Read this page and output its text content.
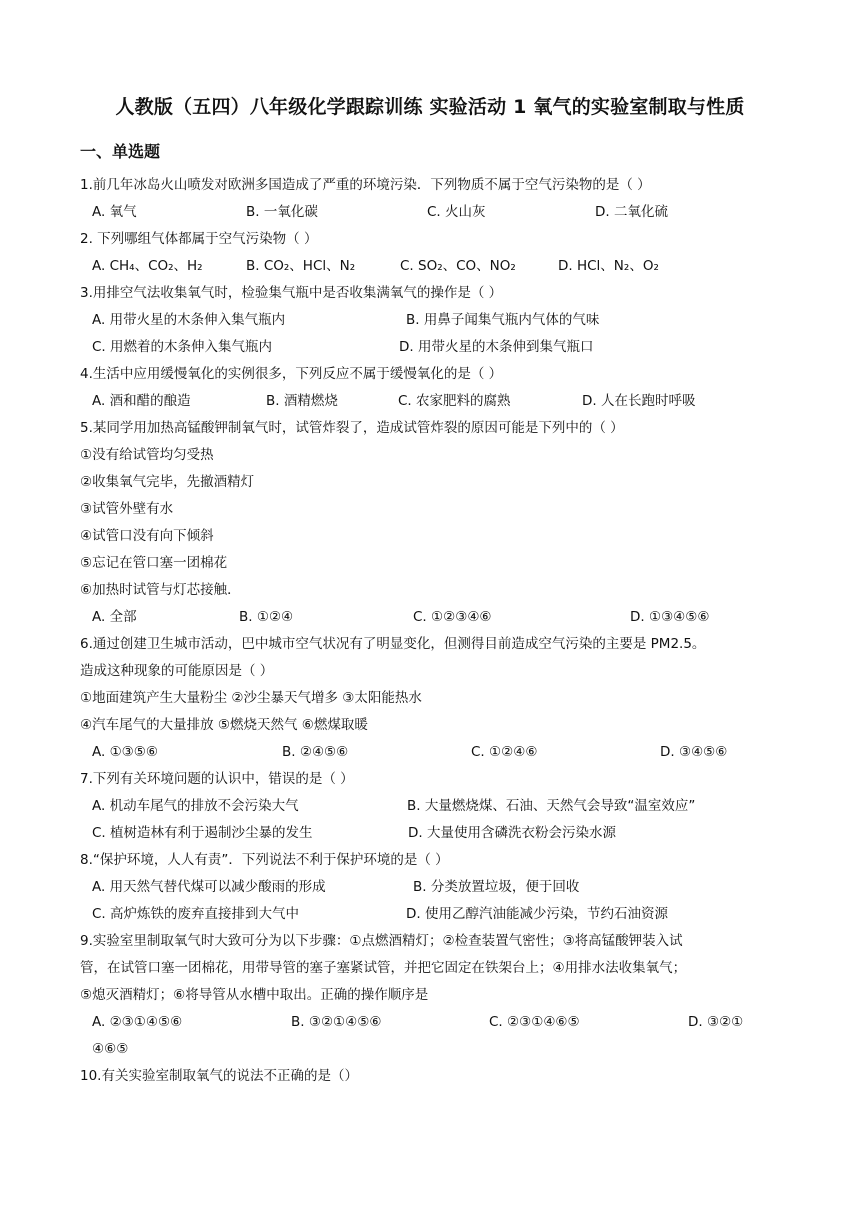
人教版（五四）八年级化学跟踪训练 实验活动 1 氧气的实验室制取与性质
一、单选题
1.前几年冰岛火山喷发对欧洲多国造成了严重的环境污染．下列物质不属于空气污染物的是（ ）
A. 氧气	B. 一氧化碳	C. 火山灰	D. 二氧化硫
2. 下列哪组气体都属于空气污染物（ ）
A. CH₄、CO₂、H₂	B. CO₂、HCl、N₂	C. SO₂、CO、NO₂	D. HCl、N₂、O₂
3.用排空气法收集氧气时，检验集气瓶中是否收集满氧气的操作是（ ）
A. 用带火星的木条伸入集气瓶内	B. 用鼻子闻集气瓶内气体的气味
C. 用燃着的木条伸入集气瓶内	D. 用带火星的木条伸到集气瓶口
4.生活中应用缓慢氧化的实例很多，下列反应不属于缓慢氧化的是（ ）
A. 酒和醋的酿造	B. 酒精燃烧	C. 农家肥料的腐熟	D. 人在长跑时呼吸
5.某同学用加热高锰酸钾制氧气时，试管炸裂了，造成试管炸裂的原因可能是下列中的（ ）
①没有给试管均匀受热
②收集氧气完毕，先撤酒精灯
③试管外壁有水
④试管口没有向下倾斜
⑤忘记在管口塞一团棉花
⑥加热时试管与灯芯接触．
A. 全部	B. ①②④	C. ①②③④⑥	D. ①③④⑤⑥
6.通过创建卫生城市活动，巴中城市空气状况有了明显变化，但测得目前造成空气污染的主要是 PM2.5。
造成这种现象的可能原因是（ ）
①地面建筑产生大量粉尘 ②沙尘暴天气增多 ③太阳能热水
④汽车尾气的大量排放 ⑤燃烧天然气 ⑥燃煤取暖
A. ①③⑤⑥	B. ②④⑤⑥	C. ①②④⑥	D. ③④⑤⑥
7.下列有关环境问题的认识中，错误的是（ ）
A. 机动车尾气的排放不会污染大气	B. 大量燃烧煤、石油、天然气会导致“温室效应”
C. 植树造林有利于遏制沙尘暴的发生	D. 大量使用含磷洗衣粉会污染水源
8.“保护环境，人人有责”．下列说法不利于保护环境的是（ ）
A. 用天然气替代煤可以减少酸雨的形成	B. 分类放置垃圾，便于回收
C. 高炉炼铁的废弃直接排到大气中	D. 使用乙醇汽油能减少污染，节约石油资源
9.实验室里制取氧气时大致可分为以下步骤：①点燃酒精灯；②检查装置气密性；③将高锰酸钾装入试
管，在试管口塞一团棉花，用带导管的塞子塞紧试管，并把它固定在铁架台上；④用排水法收集氧气；
⑤熄灭酒精灯；⑥将导管从水槽中取出。正确的操作顺序是
A. ②③①④⑤⑥	B. ③②①④⑤⑥	C. ②③①④⑥⑤	D. ③②①
④⑥⑤
10.有关实验室制取氧气的说法不正确的是（）
